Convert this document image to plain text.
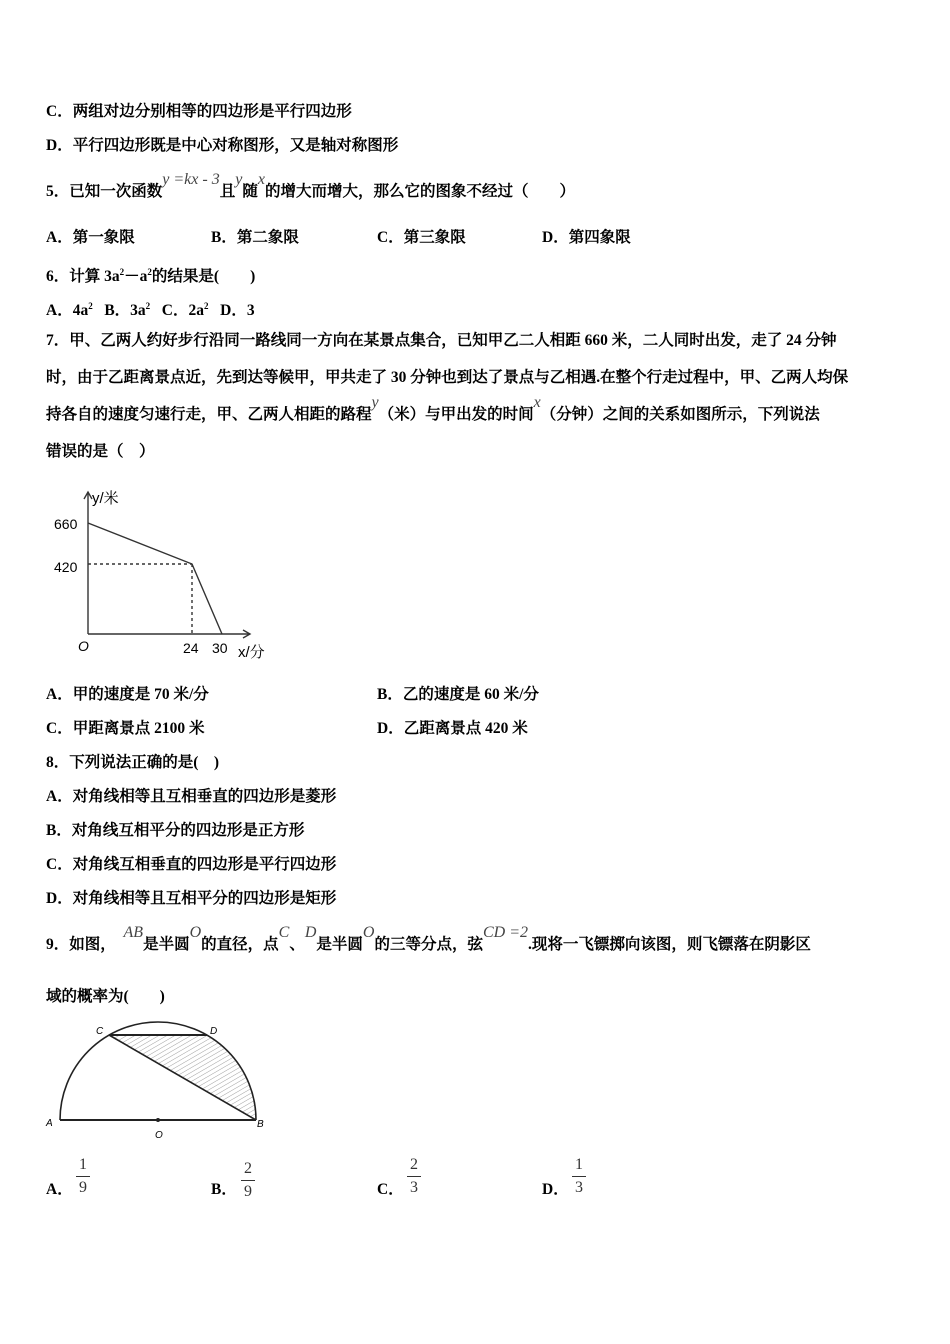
C．两组对边分别相等的四边形是平行四边形
D．平行四边形既是中心对称图形，又是轴对称图形
5．已知一次函数y =kx - 3且y随x的增大而增大，那么它的图象不经过（　　）
A．第一象限	B．第二象限	C．第三象限	D．第四象限
6．计算 $3a^2-a^2$的结果是(　　)
A．$4a^2$ B．$3a^2$ C．$2a^2$ D．3
7．甲、乙两人约好步行沿同一路线同一方向在某景点集合，已知甲乙二人相距 660 米，二人同时出发，走了 24 分钟
时，由于乙距离景点近，先到达等候甲，甲共走了 30 分钟也到达了景点与乙相遇.在整个行走过程中，甲、乙两人均保
持各自的速度匀速行走，甲、乙两人相距的路程y（米）与甲出发的时间x（分钟）之间的关系如图所示，下列说法
错误的是（　）
y/米
660
420
O	24 30 x/分
A	B
O
C	D
A．甲的速度是 70 米/分	B．乙的速度是 60 米/分
C．甲距离景点 2100 米	D．乙距离景点 420 米
8．下列说法正确的是(　)
A．对角线相等且互相垂直的四边形是菱形
B．对角线互相平分的四边形是正方形
C．对角线互相垂直的四边形是平行四边形
D．对角线相等且互相平分的四边形是矩形
9．如图，  AB是半圆O的直径，点C、D是半圆O的三等分点，弦CD =2.现将一飞镖掷向该图，则飞镖落在阴影区
域的概率为(　　)
A．
1
9	B．
2
9	C．
2
3	D．
1
3
